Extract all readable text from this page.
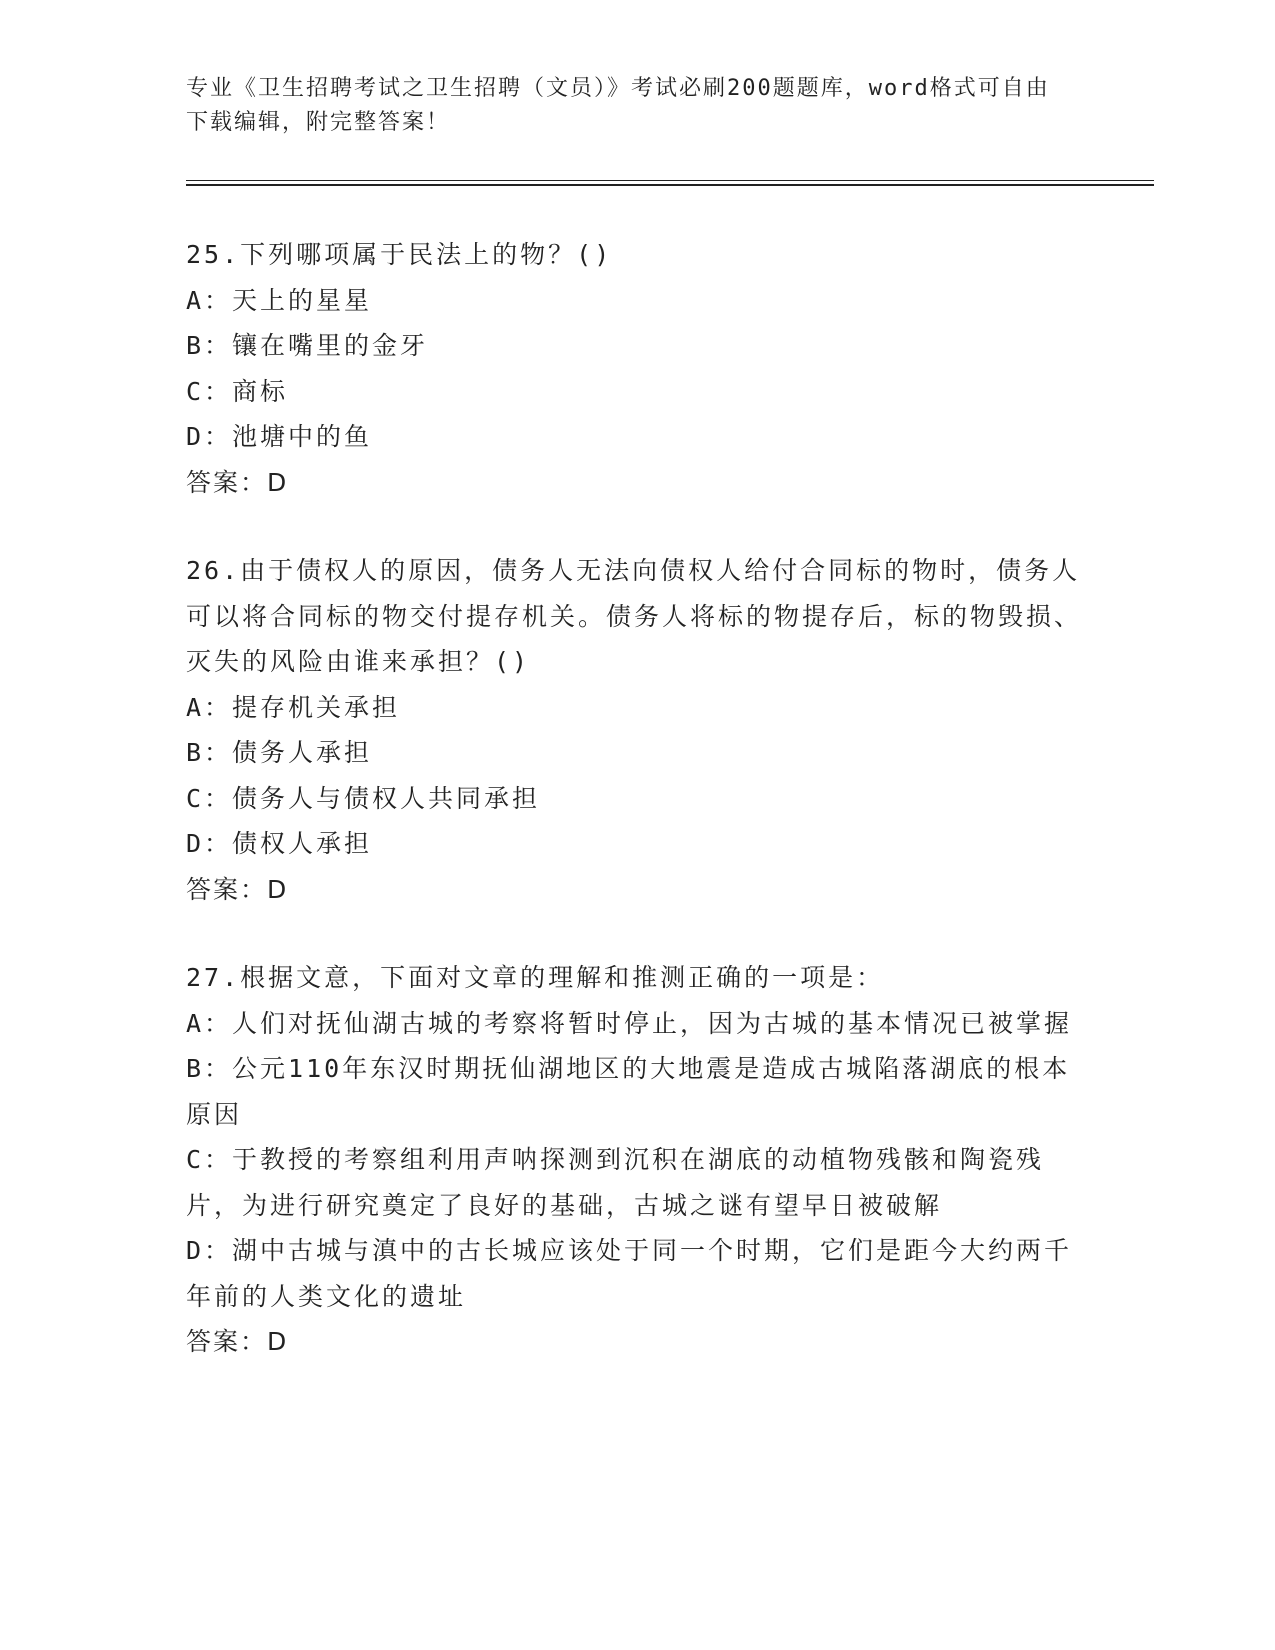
专业《卫生招聘考试之卫生招聘（文员）》考试必刷200题题库，word格式可自由下载编辑，附完整答案！
25.下列哪项属于民法上的物？()
A：天上的星星
B：镶在嘴里的金牙
C：商标
D：池塘中的鱼
答案：D
26.由于债权人的原因，债务人无法向债权人给付合同标的物时，债务人可以将合同标的物交付提存机关。债务人将标的物提存后，标的物毁损、灭失的风险由谁来承担？()
A：提存机关承担
B：债务人承担
C：债务人与债权人共同承担
D：债权人承担
答案：D
27.根据文意，下面对文章的理解和推测正确的一项是：
A：人们对抚仙湖古城的考察将暂时停止，因为古城的基本情况已被掌握
B：公元110年东汉时期抚仙湖地区的大地震是造成古城陷落湖底的根本原因
C：于教授的考察组利用声呐探测到沉积在湖底的动植物残骸和陶瓷残片，为进行研究奠定了良好的基础，古城之谜有望早日被破解
D：湖中古城与滇中的古长城应该处于同一个时期，它们是距今大约两千年前的人类文化的遗址
答案：D
